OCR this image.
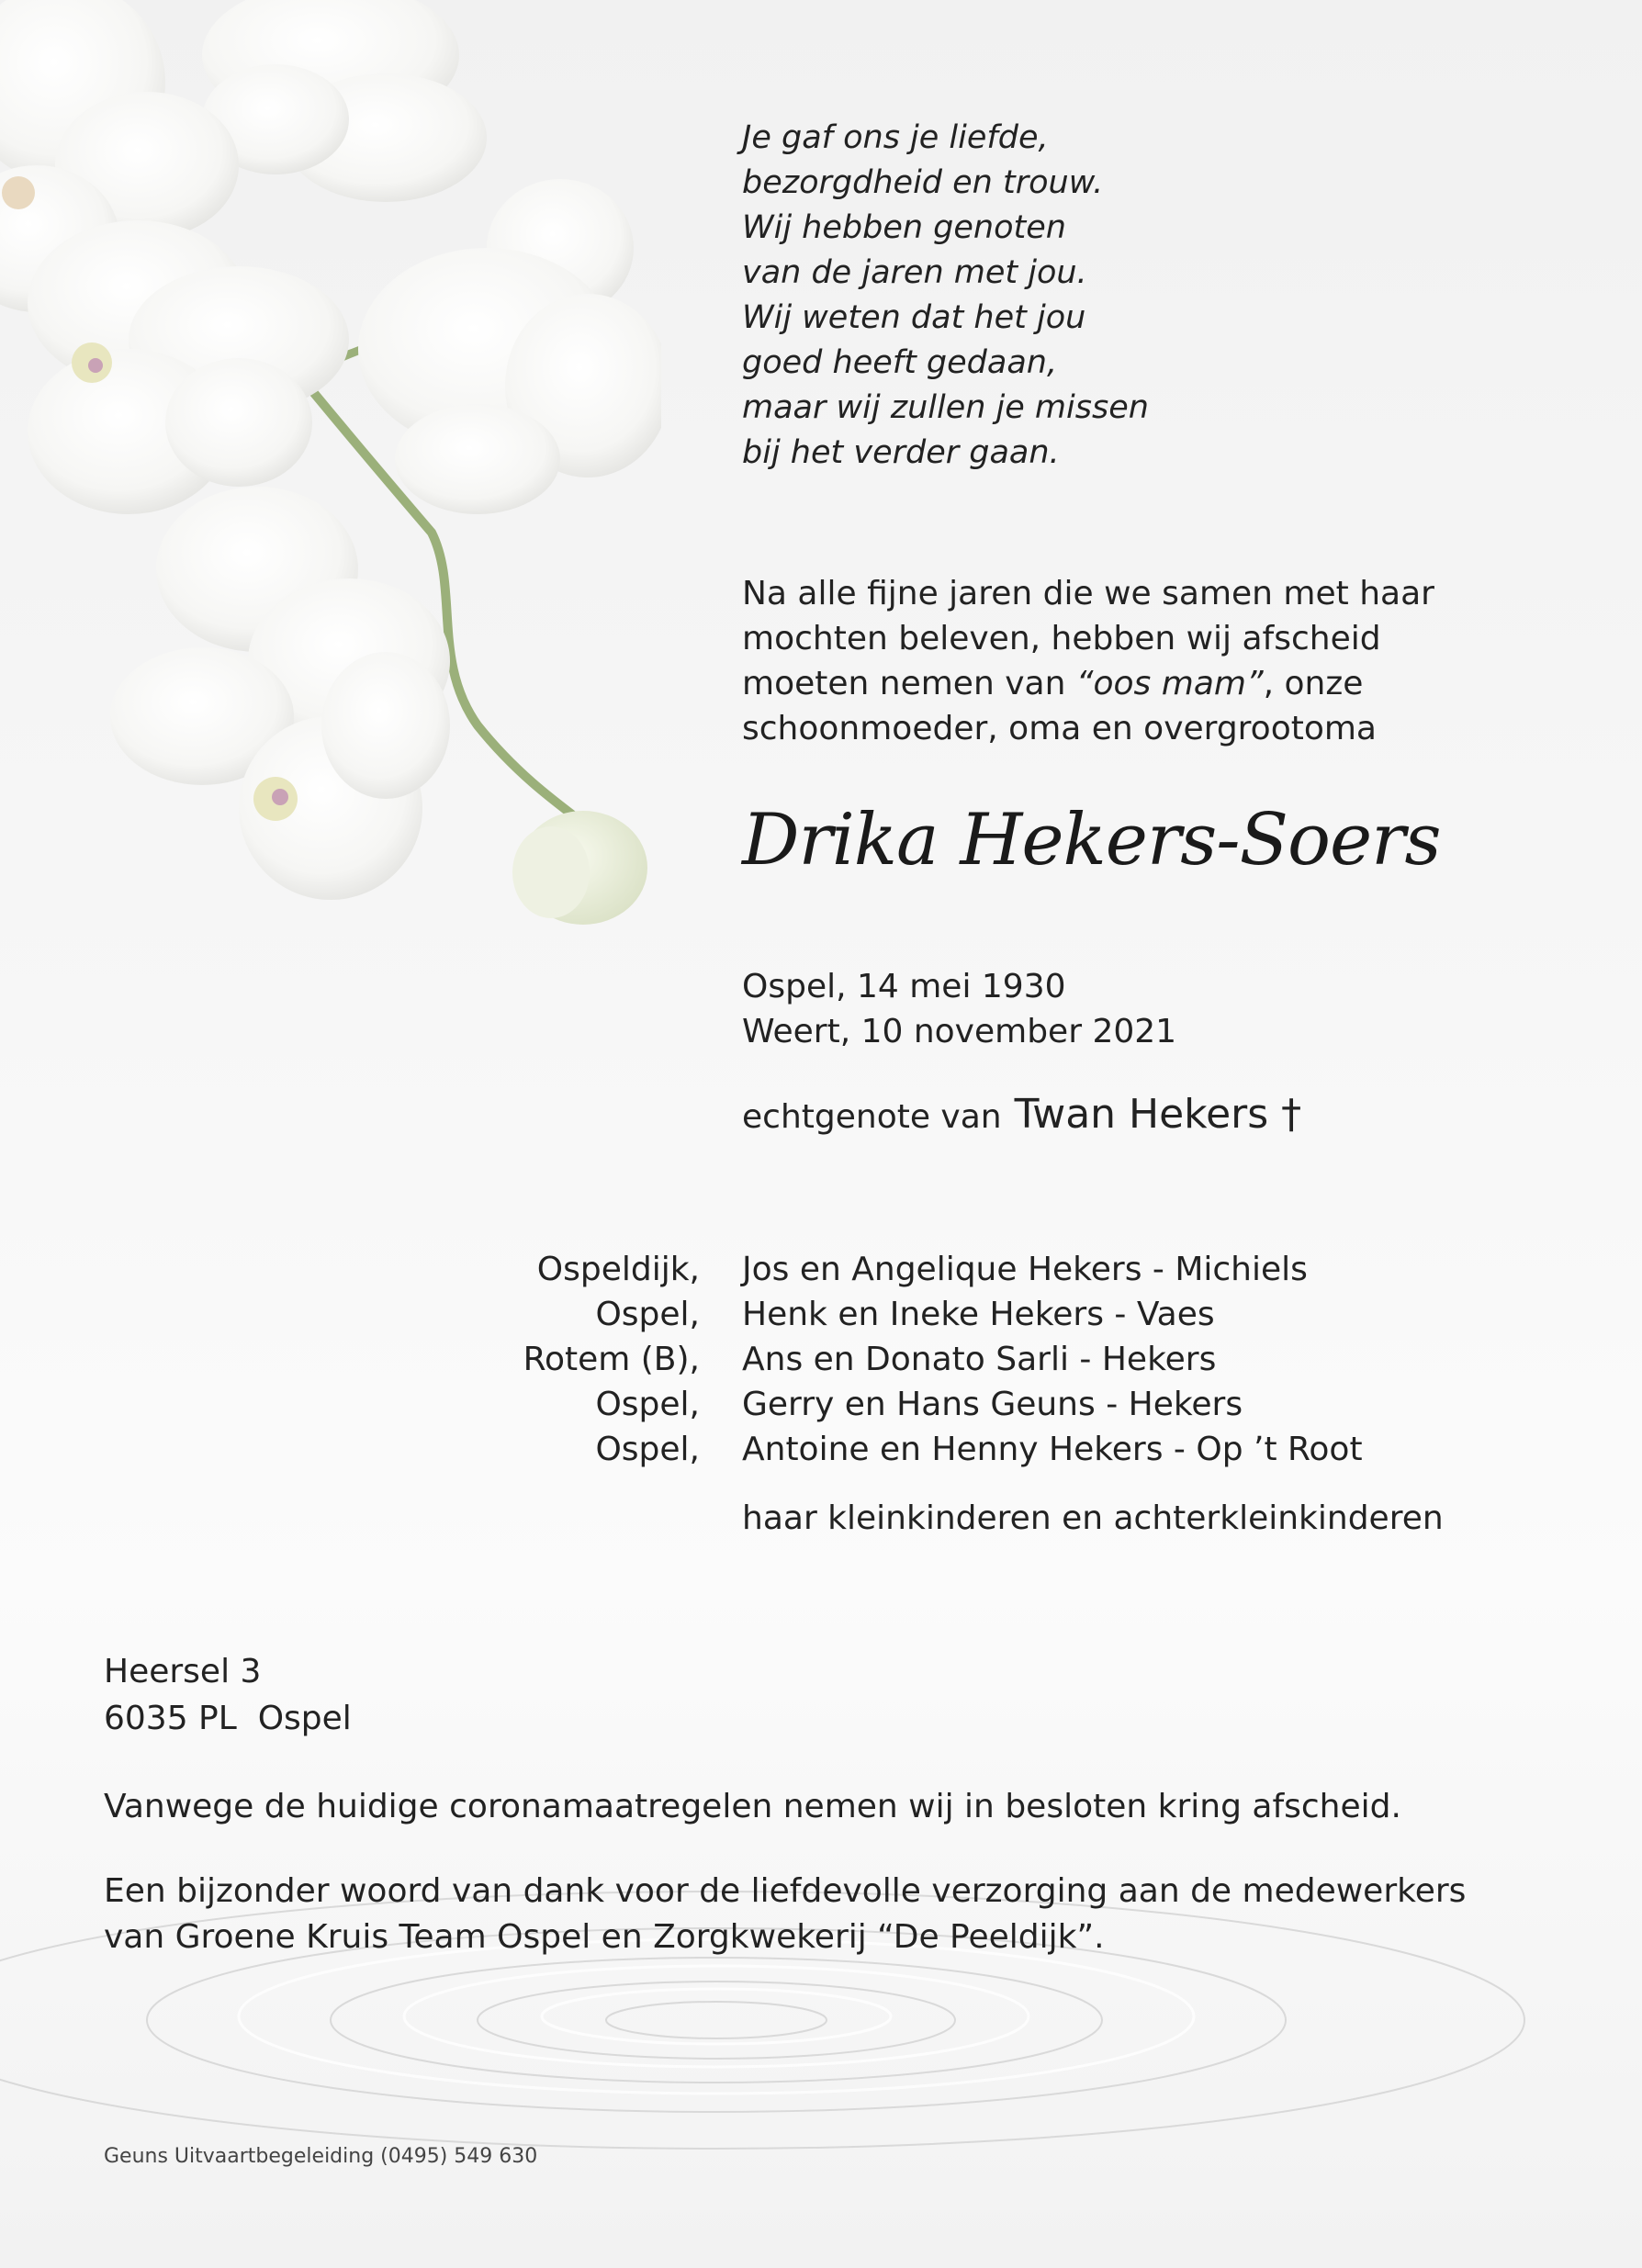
Je gaf ons je liefde,
bezorgdheid en trouw.
Wij hebben genoten
van de jaren met jou.
Wij weten dat het jou
goed heeft gedaan,
maar wij zullen je missen
bij het verder gaan.
Na alle fijne jaren die we samen met haar
mochten beleven, hebben wij afscheid
moeten nemen van “oos mam”, onze
schoonmoeder, oma en overgrootoma
Drika Hekers-Soers
Ospel, 14 mei 1930
Weert, 10 november 2021
echtgenote van Twan Hekers †
Ospeldijk, Jos en Angelique Hekers - Michiels
Ospel, Henk en Ineke Hekers - Vaes
Rotem (B), Ans en Donato Sarli - Hekers
Ospel, Gerry en Hans Geuns - Hekers
Ospel, Antoine en Henny Hekers - Op ’t Root
haar kleinkinderen en achterkleinkinderen
Heersel 3
6035 PL  Ospel
Vanwege de huidige coronamaatregelen nemen wij in besloten kring afscheid.
Een bijzonder woord van dank voor de liefdevolle verzorging aan de medewerkers
van Groene Kruis Team Ospel en Zorgkwekerij “De Peeldijk”.
Geuns Uitvaartbegeleiding (0495) 549 630
